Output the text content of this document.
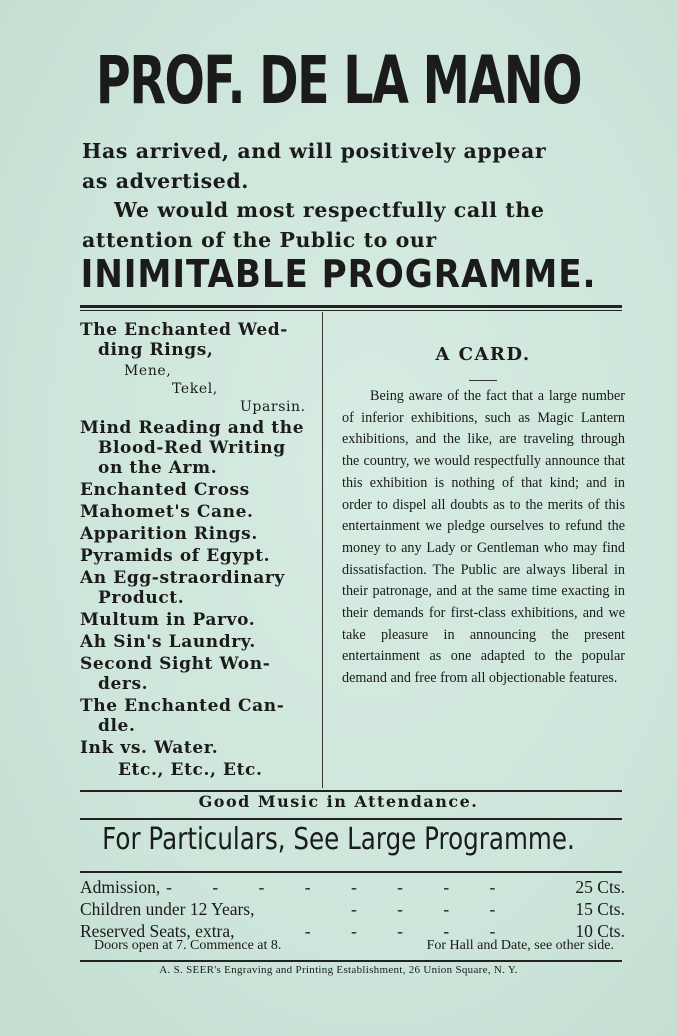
PROF. DE LA MANO
Has arrived, and will positively appear
as advertised.
We would most respectfully call the
attention of the Public to our
INIMITABLE PROGRAMME.
The Enchanted Wed-
ding Rings,
Mene,
Tekel,
Uparsin.
Mind Reading and the
Blood-Red Writing
on the Arm.
Enchanted Cross
Mahomet's Cane.
Apparition Rings.
Pyramids of Egypt.
An Egg-straordinary
Product.
Multum in Parvo.
Ah Sin's Laundry.
Second Sight Won-
ders.
The Enchanted Can-
dle.
Ink vs. Water.
Etc., Etc., Etc.
A CARD.
Being aware of the fact that a large number of inferior exhibitions, such as Magic Lantern exhibitions, and the like, are traveling through the country, we would respectfully announce that this exhibition is nothing of that kind; and in order to dispel all doubts as to the merits of this entertainment we pledge ourselves to refund the money to any Lady or Gentleman who may find dissatisfaction. The Public are always liberal in their patronage, and at the same time exacting in their demands for first-class exhibitions, and we take pleasure in announcing the present entertainment as one adapted to the popular demand and free from all objectionable features.
Good Music in Attendance.
For Particulars, See Large Programme.
Admission, - - - - - - - -	25 Cts.
Children under 12 Years,	- - - -	15 Cts.
Reserved Seats, extra,	- - - - -	10 Cts.
Doors open at 7. Commence at 8.	For Hall and Date, see other side.
A. S. SEER's Engraving and Printing Establishment, 26 Union Square, N. Y.
